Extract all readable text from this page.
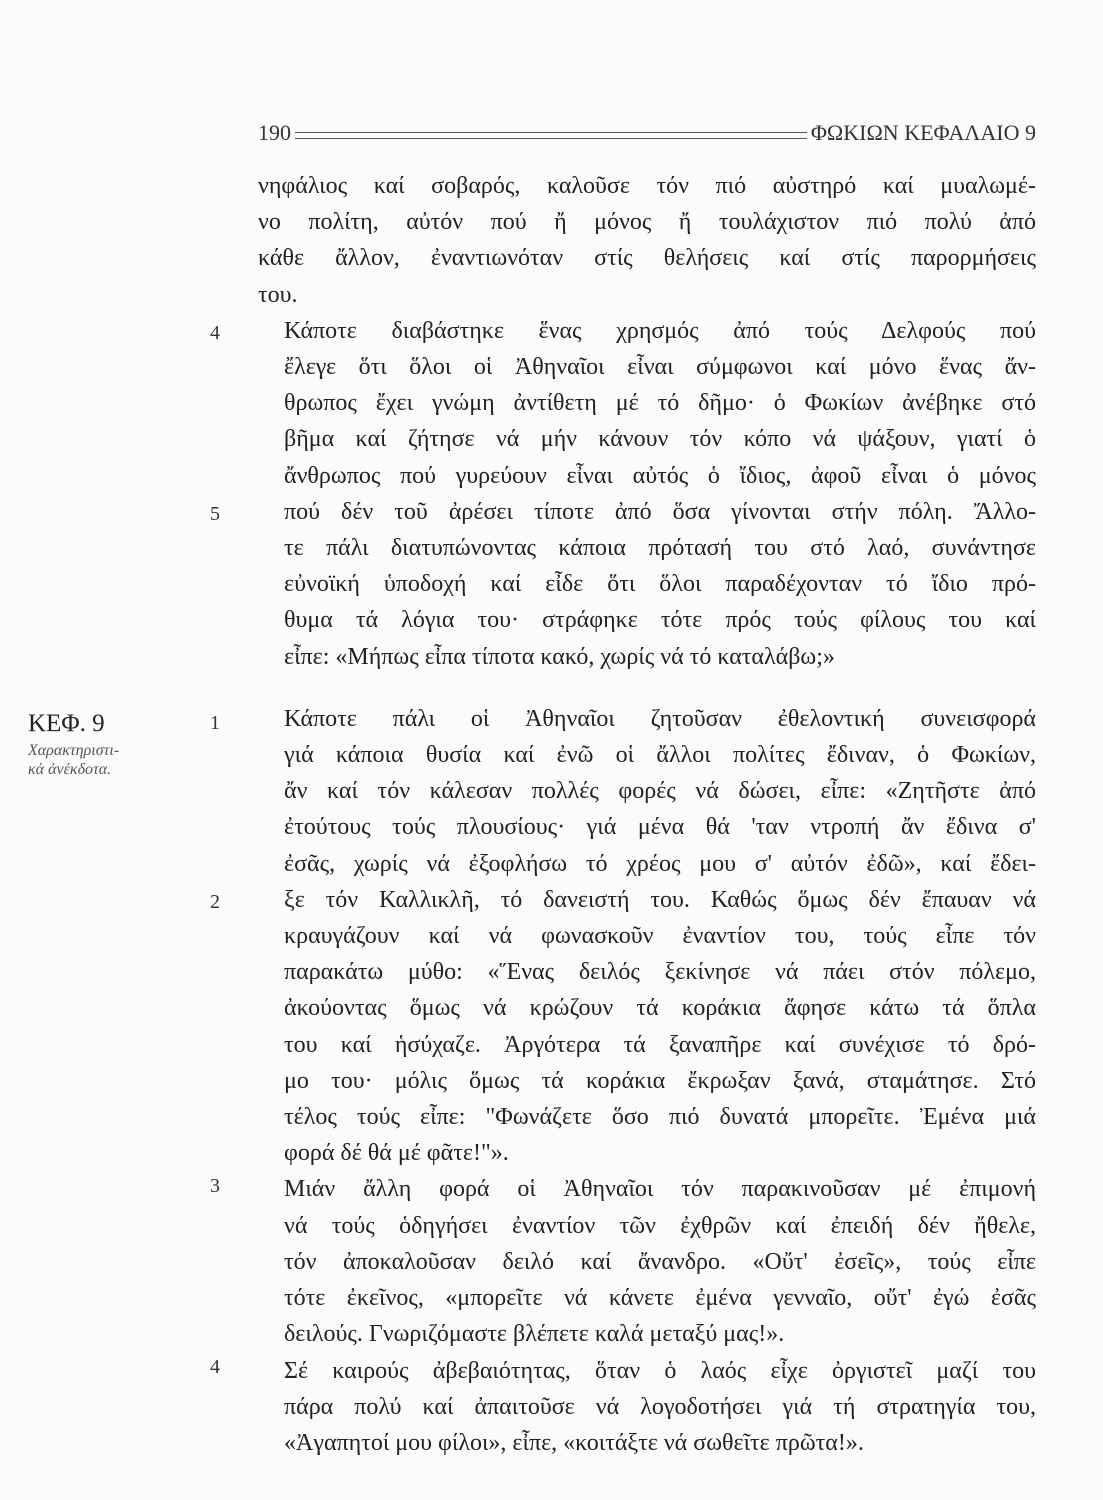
190	ΦΩΚΙΩΝ ΚΕΦΑΛΑΙΟ 9
ΚΕΦ. 9
Χαρακτηριστι-
κά ἀνέκδοτα.
4
5
1
2
3
4
νηφάλιος καί σοβαρός, καλοῦσε τόν πιό αὐστηρό καί μυαλωμέ-
νο πολίτη, αὐτόν πού ἤ μόνος ἤ τουλάχιστον πιό πολύ ἀπό
κάθε ἄλλον, ἐναντιωνόταν στίς θελήσεις καί στίς παρορμήσεις
του.
Κάποτε διαβάστηκε ἕνας χρησμός ἀπό τούς Δελφούς πού
ἔλεγε ὅτι ὅλοι οἱ Ἀθηναῖοι εἶναι σύμφωνοι καί μόνο ἕνας ἄν-
θρωπος ἔχει γνώμη ἀντίθετη μέ τό δῆμο· ὁ Φωκίων ἀνέβηκε στό
βῆμα καί ζήτησε νά μήν κάνουν τόν κόπο νά ψάξουν, γιατί ὁ
ἄνθρωπος πού γυρεύουν εἶναι αὐτός ὁ ἴδιος, ἀφοῦ εἶναι ὁ μόνος
πού δέν τοῦ ἀρέσει τίποτε ἀπό ὅσα γίνονται στήν πόλη. Ἄλλο-
τε πάλι διατυπώνοντας κάποια πρότασή του στό λαό, συνάντησε
εὐνοϊκή ὑποδοχή καί εἶδε ὅτι ὅλοι παραδέχονταν τό ἴδιο πρό-
θυμα τά λόγια του· στράφηκε τότε πρός τούς φίλους του καί
εἶπε: «Μήπως εἶπα τίποτα κακό, χωρίς νά τό καταλάβω;»
Κάποτε πάλι οἱ Ἀθηναῖοι ζητοῦσαν ἐθελοντική συνεισφορά
γιά κάποια θυσία καί ἐνῶ οἱ ἄλλοι πολίτες ἔδιναν, ὁ Φωκίων,
ἄν καί τόν κάλεσαν πολλές φορές νά δώσει, εἶπε: «Ζητῆστε ἀπό
ἐτούτους τούς πλουσίους· γιά μένα θά 'ταν ντροπή ἄν ἔδινα σ'
ἐσᾶς, χωρίς νά ἐξοφλήσω τό χρέος μου σ' αὐτόν ἐδῶ», καί ἔδει-
ξε τόν Καλλικλῆ, τό δανειστή του. Καθώς ὅμως δέν ἔπαυαν νά
κραυγάζουν καί νά φωνασκοῦν ἐναντίον του, τούς εἶπε τόν
παρακάτω μύθο: «Ἕνας δειλός ξεκίνησε νά πάει στόν πόλεμο,
ἀκούοντας ὅμως νά κρώζουν τά κοράκια ἄφησε κάτω τά ὅπλα
του καί ἡσύχαζε. Ἀργότερα τά ξαναπῆρε καί συνέχισε τό δρό-
μο του· μόλις ὅμως τά κοράκια ἔκρωξαν ξανά, σταμάτησε. Στό
τέλος τούς εἶπε: "Φωνάζετε ὅσο πιό δυνατά μπορεῖτε. Ἐμένα μιά
φορά δέ θά μέ φᾶτε!"».
Μιάν ἄλλη φορά οἱ Ἀθηναῖοι τόν παρακινοῦσαν μέ ἐπιμονή
νά τούς ὁδηγήσει ἐναντίον τῶν ἐχθρῶν καί ἐπειδή δέν ἤθελε,
τόν ἀποκαλοῦσαν δειλό καί ἄνανδρο. «Οὔτ' ἐσεῖς», τούς εἶπε
τότε ἐκεῖνος, «μπορεῖτε νά κάνετε ἐμένα γενναῖο, οὔτ' ἐγώ ἐσᾶς
δειλούς. Γνωριζόμαστε βλέπετε καλά μεταξύ μας!».
Σέ καιρούς ἀβεβαιότητας, ὅταν ὁ λαός εἶχε ὀργιστεῖ μαζί του
πάρα πολύ καί ἀπαιτοῦσε νά λογοδοτήσει γιά τή στρατηγία του,
«Ἀγαπητοί μου φίλοι», εἶπε, «κοιτάξτε νά σωθεῖτε πρῶτα!».
